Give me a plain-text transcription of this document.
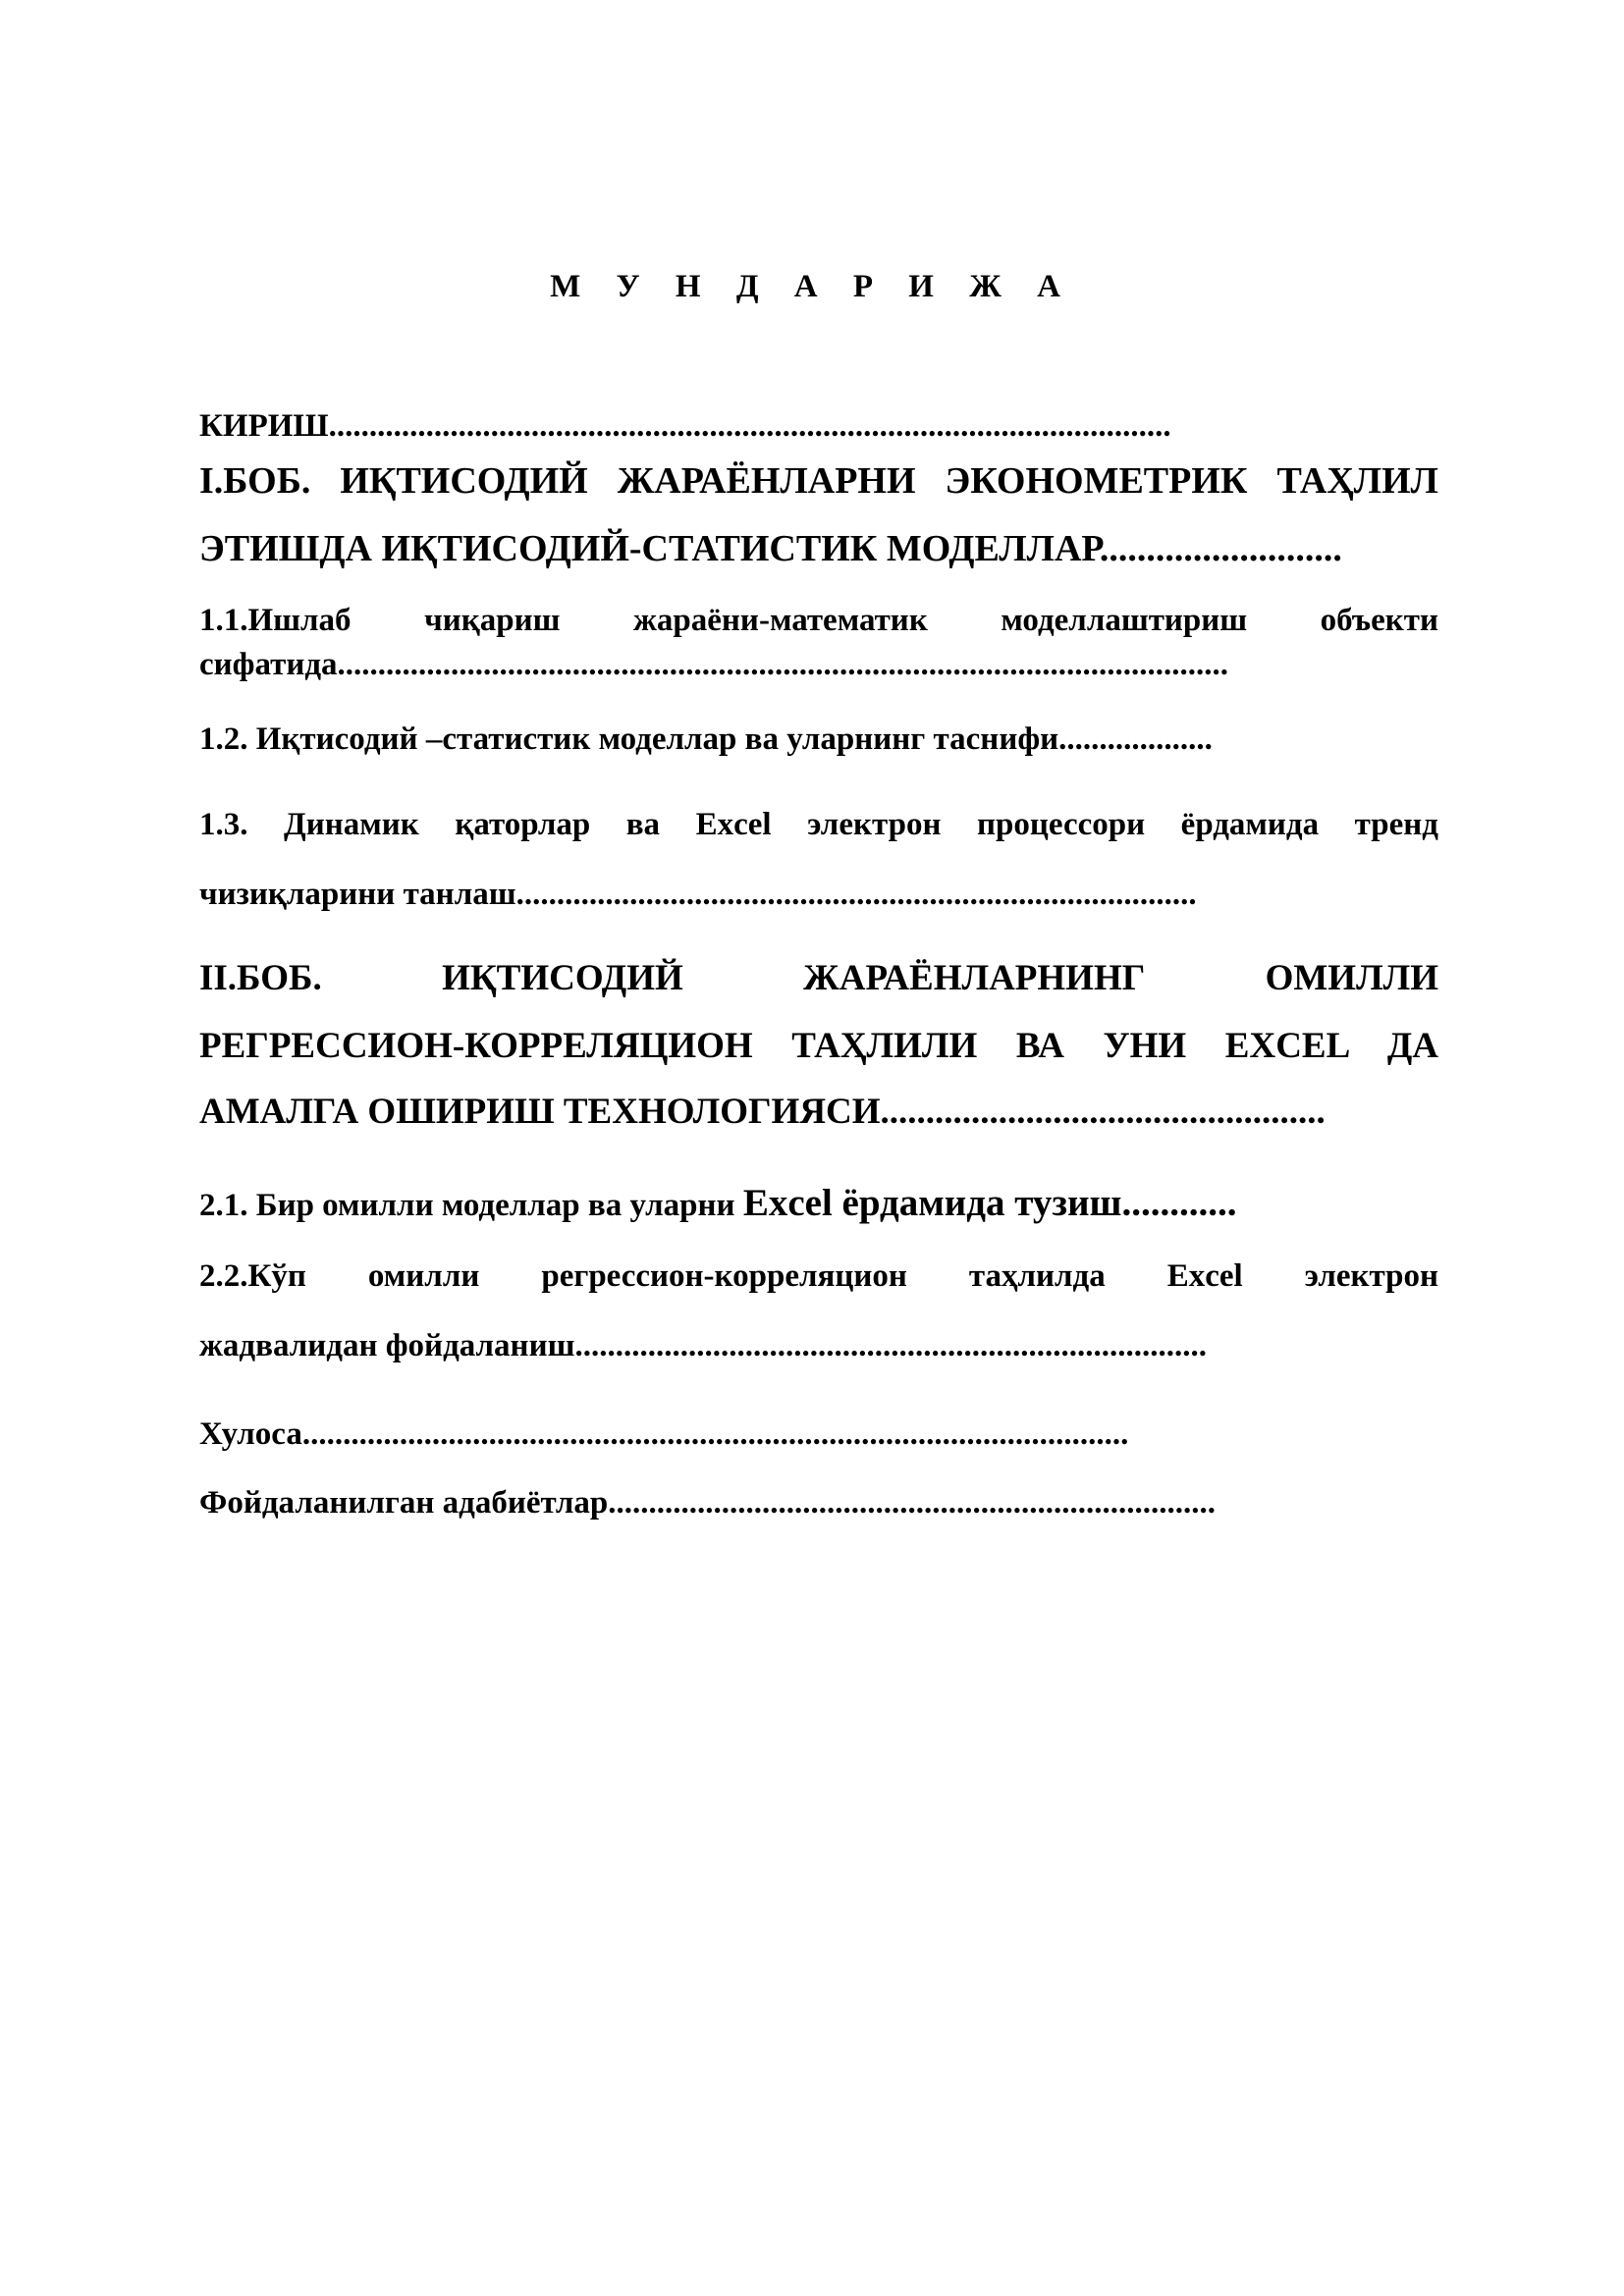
М У Н Д А Р И Ж А
КИРИШ........................................................................................................
I.БОБ. ИҚТИСОДИЙ ЖАРАЁНЛАРНИ ЭКОНОМЕТРИК ТАҲЛИЛ
ЭТИШДА ИҚТИСОДИЙ-СТАТИСТИК МОДЕЛЛАР..........................
1.1.Ишлаб чиқариш жараёни-математик моделлаштириш объекти
сифатида..............................................................................................................
1.2. Иқтисодий –статистик моделлар ва уларнинг таснифи...................
1.3. Динамик қаторлар ва Excel электрон процессори ёрдамида тренд
чизиқларини танлаш....................................................................................
II.БОБ. ИҚТИСОДИЙ ЖАРАЁНЛАРНИНГ ОМИЛЛИ
РЕГРЕССИОН-КОРРЕЛЯЦИОН ТАҲЛИЛИ ВА УНИ EXCEL ДА
АМАЛГА ОШИРИШ ТЕХНОЛОГИЯСИ.................................................
2.1. Бир омилли моделлар ва уларни Excel ёрдамида тузиш............
2.2.Кўп омилли регрессион-корреляцион таҳлилда Excel электрон
жадвалидан фойдаланиш..............................................................................
Хулоса......................................................................................................
Фойдаланилган адабиётлар...........................................................................
